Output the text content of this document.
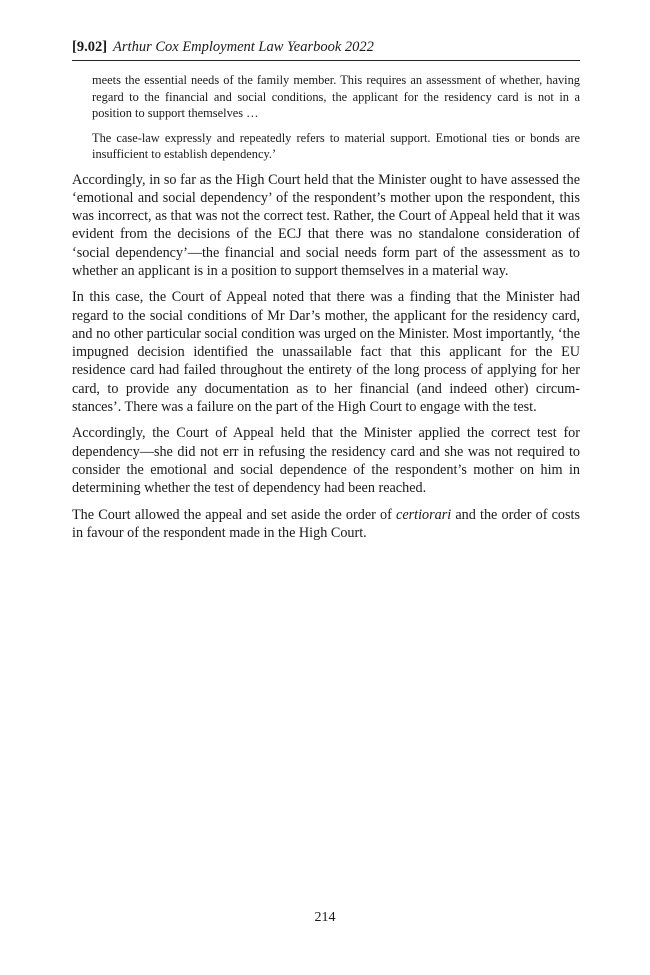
[9.02] Arthur Cox Employment Law Yearbook 2022

meets the essential needs of the family member. This requires an assessment of whether, having regard to the financial and social conditions, the applicant for the residency card is not in a position to support themselves …

The case-law expressly and repeatedly refers to material support. Emotional ties or bonds are insufficient to establish dependency.’

Accordingly, in so far as the High Court held that the Minister ought to have assessed the ‘emotional and social dependency’ of the respondent’s mother upon the respondent, this was incorrect, as that was not the correct test. Rather, the Court of Appeal held that it was evident from the decisions of the ECJ that there was no standalone consideration of ‘social dependency’—the financial and social needs form part of the assessment as to whether an applicant is in a position to support themselves in a material way.

In this case, the Court of Appeal noted that there was a finding that the Minister had regard to the social conditions of Mr Dar’s mother, the applicant for the residency card, and no other particular social condition was urged on the Minister. Most importantly, ‘the impugned decision identified the unassailable fact that this applicant for the EU residence card had failed throughout the entirety of the long process of applying for her card, to provide any documentation as to her financial (and indeed other) circum-stances’. There was a failure on the part of the High Court to engage with the test.

Accordingly, the Court of Appeal held that the Minister applied the correct test for dependency—she did not err in refusing the residency card and she was not required to consider the emotional and social dependence of the respondent’s mother on him in determining whether the test of dependency had been reached.

The Court allowed the appeal and set aside the order of certiorari and the order of costs in favour of the respondent made in the High Court.

214
